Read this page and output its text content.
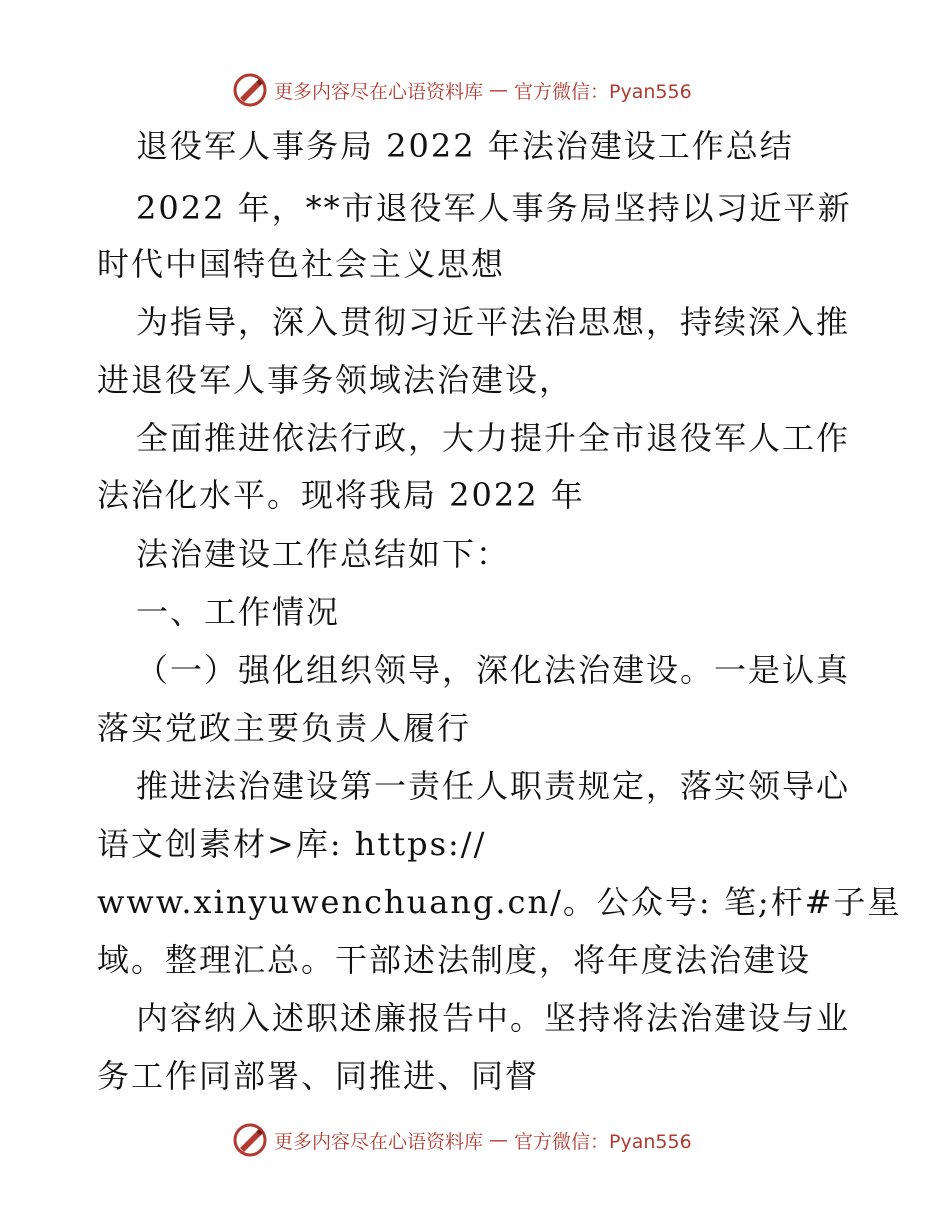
更多内容尽在心语资料库 — 官方微信：Pyan556
退役军人事务局 2022 年法治建设工作总结
2022 年，**市退役军人事务局坚持以习近平新
时代中国特色社会主义思想
为指导，深入贯彻习近平法治思想，持续深入推
进退役军人事务领域法治建设，
全面推进依法行政，大力提升全市退役军人工作
法治化水平。现将我局 2022 年
法治建设工作总结如下：
一、工作情况
（一）强化组织领导，深化法治建设。一是认真
落实党政主要负责人履行
推进法治建设第一责任人职责规定，落实领导心
语文创素材>库: https://
www.xinyuwenchuang.cn/。公众号: 笔;杆#子星
域。整理汇总。干部述法制度，将年度法治建设
内容纳入述职述廉报告中。坚持将法治建设与业
务工作同部署、同推进、同督
更多内容尽在心语资料库 — 官方微信：Pyan556
